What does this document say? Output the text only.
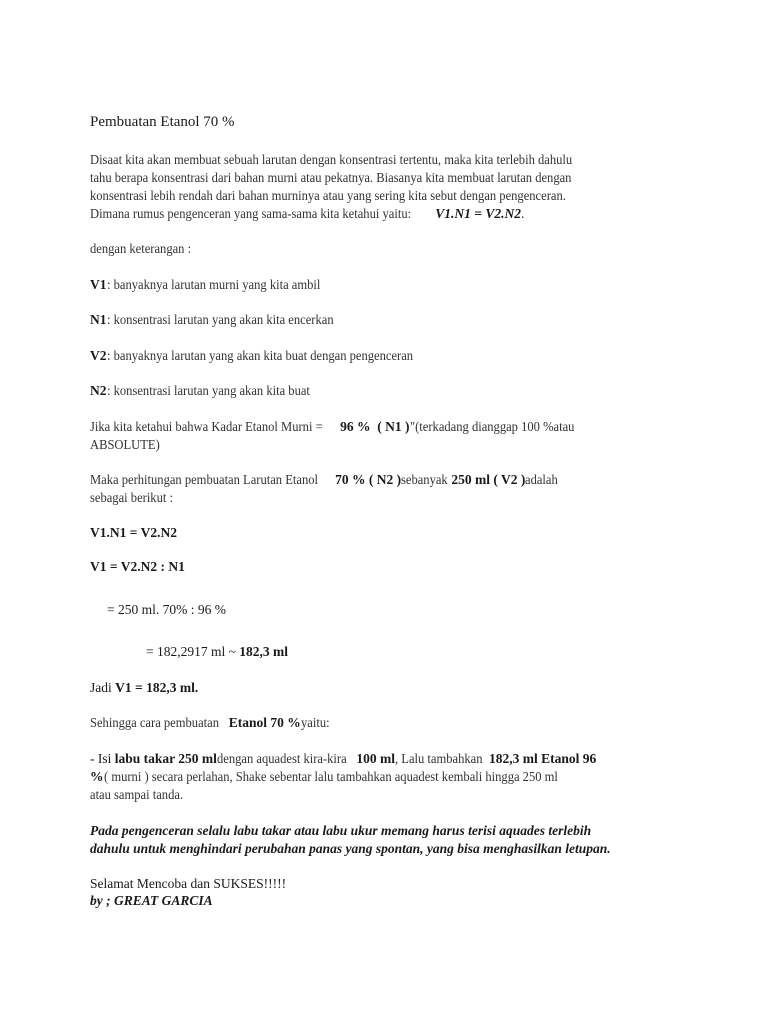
Pembuatan Etanol 70 %
Disaat kita akan membuat sebuah larutan dengan konsentrasi tertentu, maka kita terlebih dahulu
tahu berapa konsentrasi dari bahan murni atau pekatnya. Biasanya kita membuat larutan dengan
konsentrasi lebih rendah dari bahan murninya atau yang sering kita sebut dengan pengenceran.
Dimana rumus pengenceran yang sama-sama kita ketahui yaitu:V1.N1 = V2.N2.
dengan keterangan :
V1: banyaknya larutan murni yang kita ambil
N1: konsentrasi larutan yang akan kita encerkan
V2: banyaknya larutan yang akan kita buat dengan pengenceran
N2: konsentrasi larutan yang akan kita buat
Jika kita ketahui bahwa Kadar Etanol Murni =96 % ( N1 )"(terkadang dianggap 100 %atau
ABSOLUTE)
Maka perhitungan pembuatan Larutan Etanol70 % ( N2 )sebanyak250 ml ( V2 )adalah
sebagai berikut :
V1.N1 = V2.N2
V1 = V2.N2 : N1
= 250 ml. 70% : 96 %
= 182,2917 ml ~ 182,3 ml
Jadi V1 = 182,3 ml.
Sehingga cara pembuatanEtanol 70 %yaitu:
- Isi labu takar 250 mldengan aquadest kira-kira100 ml, Lalu tambahkan182,3 ml Etanol 96
%( murni ) secara perlahan, Shake sebentar lalu tambahkan aquadest kembali hingga 250 ml
atau sampai tanda.
Pada pengenceran selalu labu takar atau labu ukur memang harus terisi aquades terlebih
dahulu untuk menghindari perubahan panas yang spontan, yang bisa menghasilkan letupan.
Selamat Mencoba dan SUKSES!!!!!
by ; GREAT GARCIA
